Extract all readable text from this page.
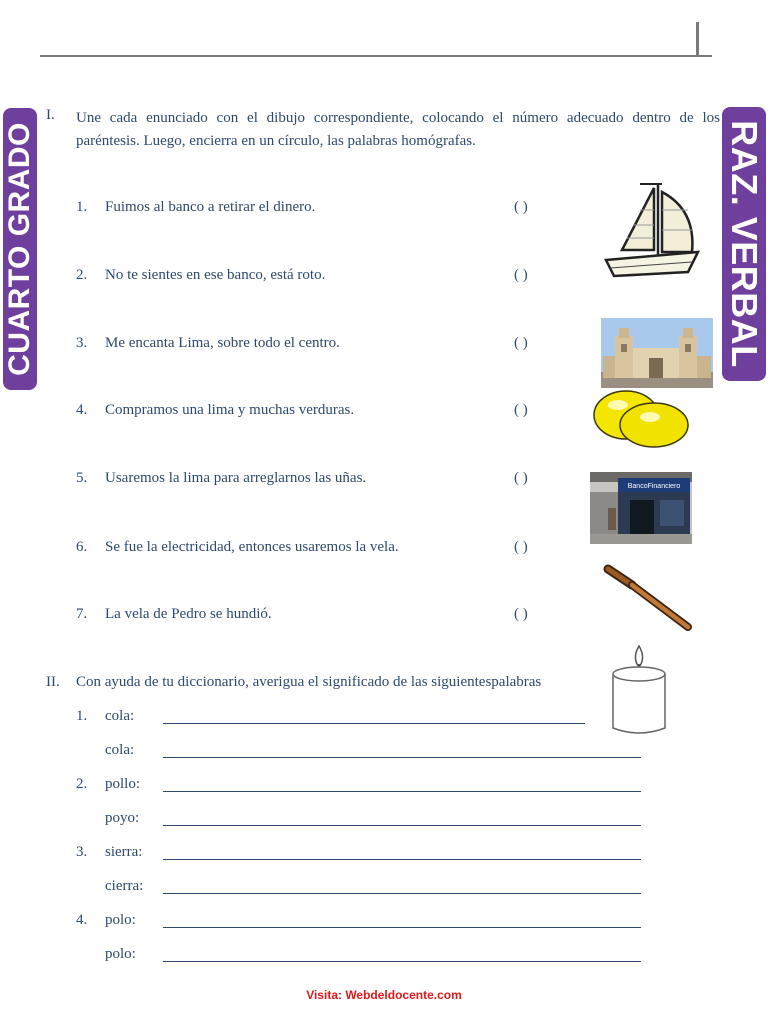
CUARTO GRADO	RAZ. VERBAL
I. Une cada enunciado con el dibujo correspondiente, colocando el número adecuado dentro de los paréntesis. Luego, encierra en un círculo, las palabras homógrafas.
1. Fuimos al banco a retirar el dinero.	( )
2. No te sientes en ese banco, está roto.	( )
3. Me encanta Lima, sobre todo el centro.	( )
4. Compramos una lima y muchas verduras.	( )
5. Usaremos la lima para arreglarnos las uñas.	( )
6. Se fue la electricidad, entonces usaremos la vela.	( )
7. La vela de Pedro se hundió.	( )
BancoFinanciero
II. Con ayuda de tu diccionario, averigua el significado de las siguientespalabras
1. cola:
cola:
2. pollo:
poyo:
3. sierra:
cierra:
4. polo:
polo:
Visita: Webdeldocente.com
